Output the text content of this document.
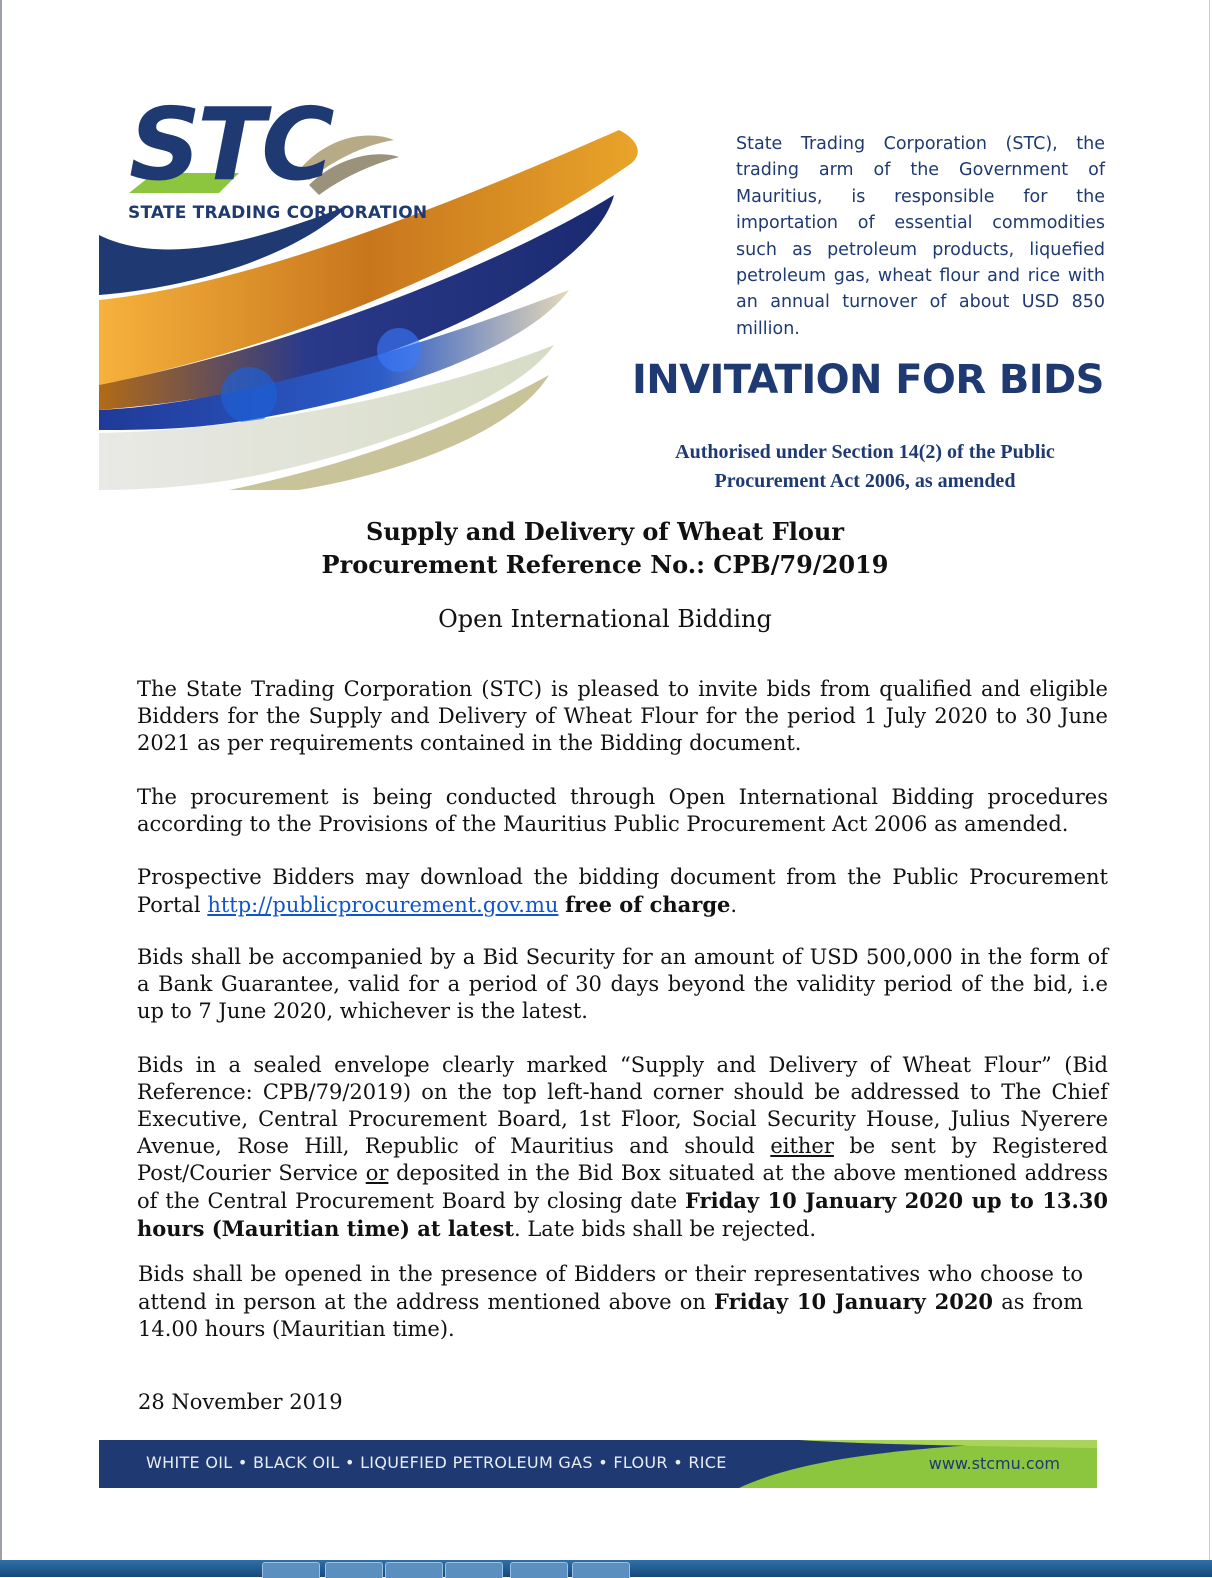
STC
STATE TRADING CORPORATION
State Trading Corporation (STC), the trading arm of the Government of Mauritius, is responsible for the importation of essential commodities such as petroleum products, liquefied petroleum gas, wheat flour and rice with an annual turnover of about USD 850 million.
INVITATION FOR BIDS
Authorised under Section 14(2) of the Public
Procurement Act 2006, as amended
Supply and Delivery of Wheat Flour
Procurement Reference No.: CPB/79/2019
Open International Bidding
The State Trading Corporation (STC) is pleased to invite bids from qualified and eligible Bidders for the Supply and Delivery of Wheat Flour for the period 1 July 2020 to 30 June 2021 as per requirements contained in the Bidding document.
The procurement is being conducted through Open International Bidding procedures according to the Provisions of the Mauritius Public Procurement Act 2006 as amended.
Prospective Bidders may download the bidding document from the Public Procurement Portal http://publicprocurement.gov.mu free of charge.
Bids shall be accompanied by a Bid Security for an amount of USD 500,000 in the form of a Bank Guarantee, valid for a period of 30 days beyond the validity period of the bid, i.e up to 7 June 2020, whichever is the latest.
Bids in a sealed envelope clearly marked “Supply and Delivery of Wheat Flour” (Bid Reference: CPB/79/2019) on the top left-hand corner should be addressed to The Chief Executive, Central Procurement Board, 1st Floor, Social Security House, Julius Nyerere Avenue, Rose Hill, Republic of Mauritius and should either be sent by Registered Post/Courier Service or deposited in the Bid Box situated at the above mentioned address of the Central Procurement Board by closing date Friday 10 January 2020 up to 13.30 hours (Mauritian time) at latest. Late bids shall be rejected.
Bids shall be opened in the presence of Bidders or their representatives who choose to attend in person at the address mentioned above on Friday 10 January 2020 as from 14.00 hours (Mauritian time).
28 November 2019
WHITE OIL • BLACK OIL • LIQUEFIED PETROLEUM GAS • FLOUR • RICE	www.stcmu.com
